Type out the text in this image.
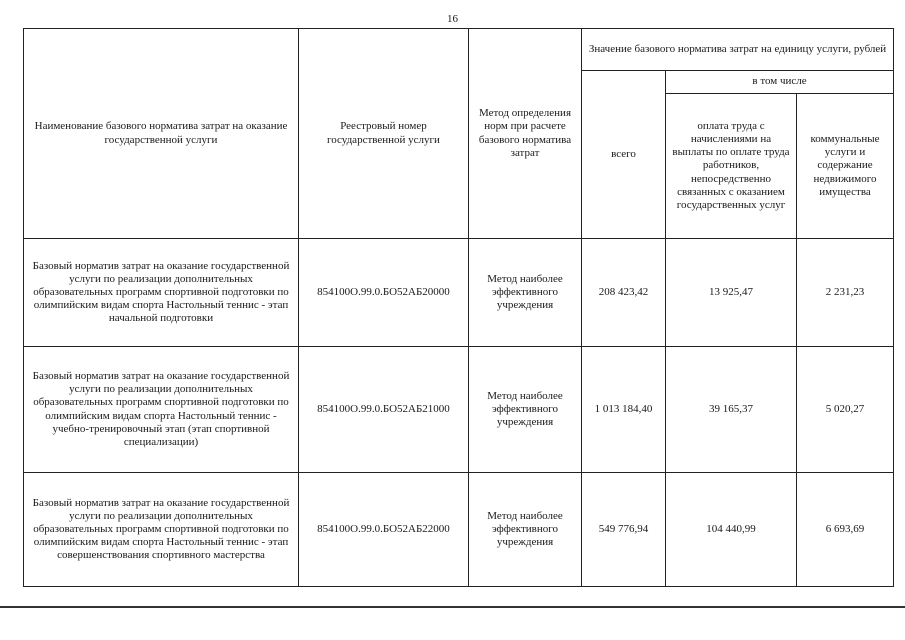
16
Наименование базового норматива затрат на оказание государственной услуги	Реестровый номер государственной услуги	Метод определения норм при расчете базового норматива затрат	Значение базового норматива затрат на единицу услуги, рублей		
			всего	в том числе	
				оплата труда с начислениями на выплаты по оплате труда работников, непосредственно связанных с оказанием государственных услуг	коммунальные услуги и содержание недвижимого имущества
Базовый норматив затрат на оказание государственной услуги по реализации дополнительных образовательных программ спортивной подготовки по олимпийским видам спорта Настольный теннис - этап начальной подготовки	854100О.99.0.БО52АБ20000	Метод наиболее эффективного учреждения	208 423,42	13 925,47	2 231,23
Базовый норматив затрат на оказание государственной услуги по реализации дополнительных образовательных программ спортивной подготовки по олимпийским видам спорта Настольный теннис - учебно-тренировочный этап (этап спортивной специализации)	854100О.99.0.БО52АБ21000	Метод наиболее эффективного учреждения	1 013 184,40	39 165,37	5 020,27
Базовый норматив затрат на оказание государственной услуги по реализации дополнительных образовательных программ спортивной подготовки по олимпийским видам спорта Настольный теннис - этап совершенствования спортивного мастерства	854100О.99.0.БО52АБ22000	Метод наиболее эффективного учреждения	549 776,94	104 440,99	6 693,69
